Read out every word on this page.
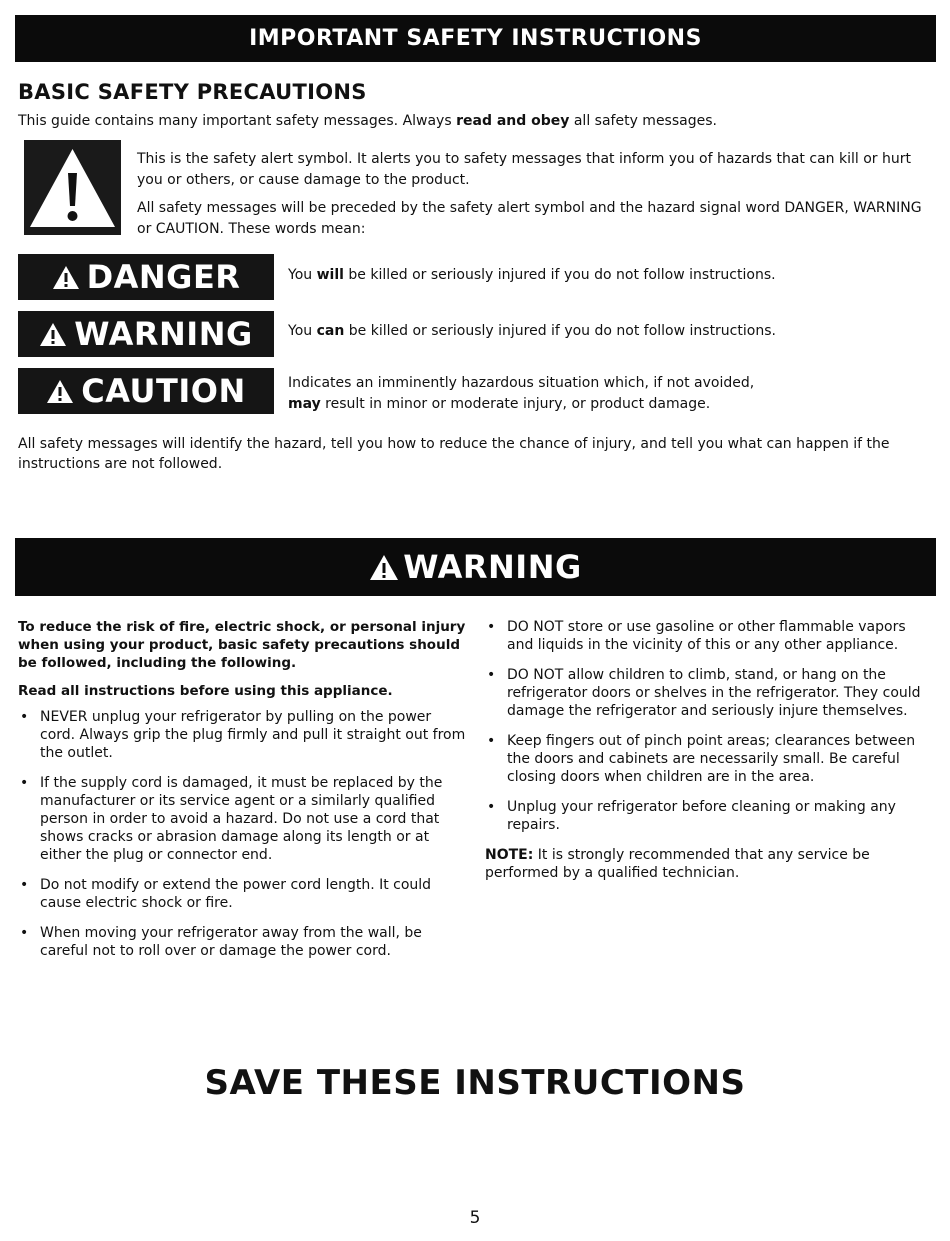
IMPORTANT SAFETY INSTRUCTIONS
BASIC SAFETY PRECAUTIONS
This guide contains many important safety messages. Always read and obey all safety messages.

This is the safety alert symbol. It alerts you to safety messages that inform you of hazards that can kill or hurt you or others, or cause damage to the product.

All safety messages will be preceded by the safety alert symbol and the hazard signal word DANGER, WARNING or CAUTION. These words mean:

DANGER	You will be killed or seriously injured if you do not follow instructions.
WARNING	You can be killed or seriously injured if you do not follow instructions.
CAUTION	Indicates an imminently hazardous situation which, if not avoided,
may result in minor or moderate injury, or product damage.
All safety messages will identify the hazard, tell you how to reduce the chance of injury, and tell you what can happen if the instructions are not followed.
WARNING

To reduce the risk of fire, electric shock, or personal injury when using your product, basic safety precautions should be followed, including the following.

Read all instructions before using this appliance.

• NEVER unplug your refrigerator by pulling on the power cord. Always grip the plug firmly and pull it straight out from the outlet.
• If the supply cord is damaged, it must be replaced by the manufacturer or its service agent or a similarly qualified person in order to avoid a hazard. Do not use a cord that shows cracks or abrasion damage along its length or at either the plug or connector end.
• Do not modify or extend the power cord length. It could cause electric shock or fire.
• When moving your refrigerator away from the wall, be careful not to roll over or damage the power cord.
• DO NOT store or use gasoline or other flammable vapors and liquids in the vicinity of this or any other appliance.
• DO NOT allow children to climb, stand, or hang on the refrigerator doors or shelves in the refrigerator. They could damage the refrigerator and seriously injure themselves.
• Keep fingers out of pinch point areas; clearances between the doors and cabinets are necessarily small. Be careful closing doors when children are in the area.
• Unplug your refrigerator before cleaning or making any repairs.
NOTE: It is strongly recommended that any service be performed by a qualified technician.
SAVE THESE INSTRUCTIONS
5
